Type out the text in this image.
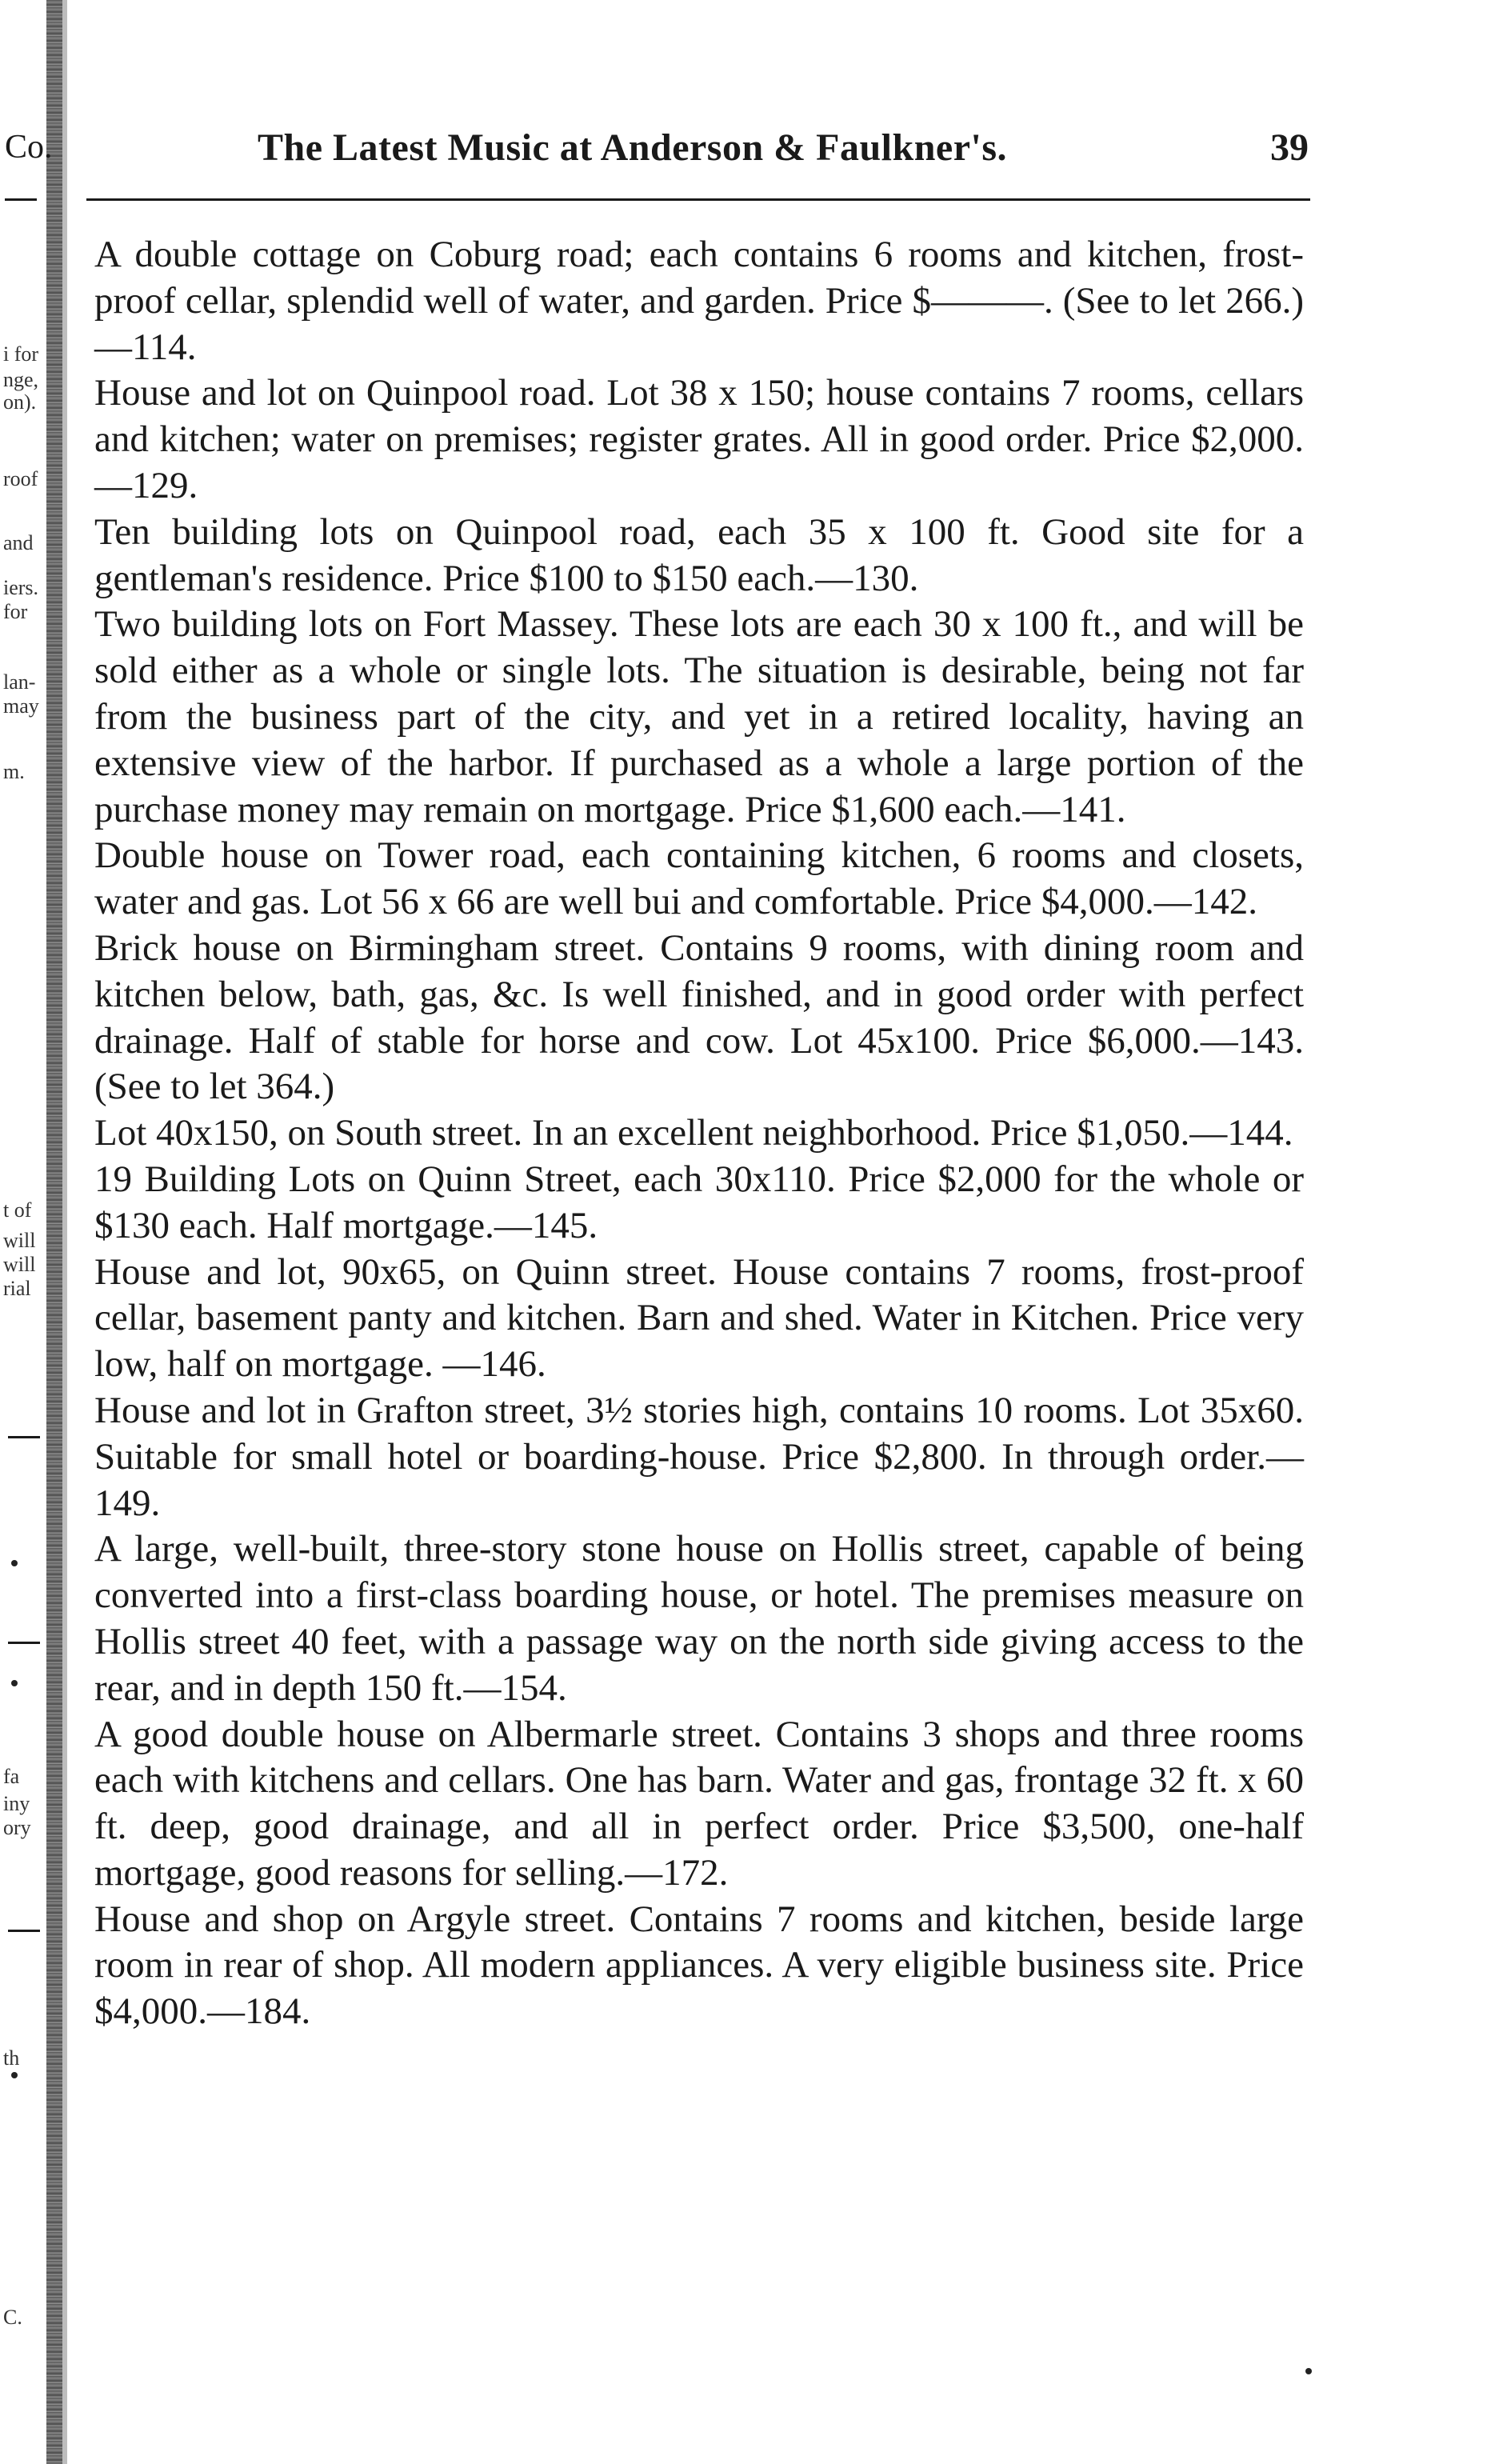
i for
nge,
on).
roof
and
iers.
for
lan-
may
m.
t of
will
will
rial
fa
iny
ory
th
C.
Co.	The Latest Music at Anderson & Faulkner's.	39

A double cottage on Coburg road; each contains 6 rooms and kitchen, frost-proof cellar, splendid well of water, and garden. Price $———. (See to let 266.)—114.

House and lot on Quinpool road. Lot 38 x 150; house contains 7 rooms, cellars and kitchen; water on premises; register grates. All in good order. Price $2,000.—129.

Ten building lots on Quinpool road, each 35 x 100 ft. Good site for a gentleman's residence. Price $100 to $150 each.—130.

Two building lots on Fort Massey. These lots are each 30 x 100 ft., and will be sold either as a whole or single lots. The situation is desirable, being not far from the business part of the city, and yet in a retired locality, having an extensive view of the harbor. If purchased as a whole a large portion of the purchase money may remain on mortgage. Price $1,600 each.—141.

Double house on Tower road, each containing kitchen, 6 rooms and closets, water and gas. Lot 56 x 66 are well bui and comfortable. Price $4,000.—142.

Brick house on Birmingham street. Contains 9 rooms, with dining room and kitchen below, bath, gas, &c. Is well finished, and in good order with perfect drainage. Half of stable for horse and cow. Lot 45x100. Price $6,000.—143. (See to let 364.)

Lot 40x150, on South street. In an excellent neighborhood. Price $1,050.—144.

19 Building Lots on Quinn Street, each 30x110. Price $2,000 for the whole or $130 each. Half mortgage.—145.

House and lot, 90x65, on Quinn street. House contains 7 rooms, frost-proof cellar, basement panty and kitchen. Barn and shed. Water in Kitchen. Price very low, half on mortgage. —146.

House and lot in Grafton street, 3½ stories high, contains 10 rooms. Lot 35x60. Suitable for small hotel or boarding-house. Price $2,800. In through order.—149.

A large, well-built, three-story stone house on Hollis street, capable of being converted into a first-class boarding house, or hotel. The premises measure on Hollis street 40 feet, with a passage way on the north side giving access to the rear, and in depth 150 ft.—154.

A good double house on Albermarle street. Contains 3 shops and three rooms each with kitchens and cellars. One has barn. Water and gas, frontage 32 ft. x 60 ft. deep, good drainage, and all in perfect order. Price $3,500, one-half mortgage, good reasons for selling.—172.

House and shop on Argyle street. Contains 7 rooms and kitchen, beside large room in rear of shop. All modern appliances. A very eligible business site. Price $4,000.—184.
